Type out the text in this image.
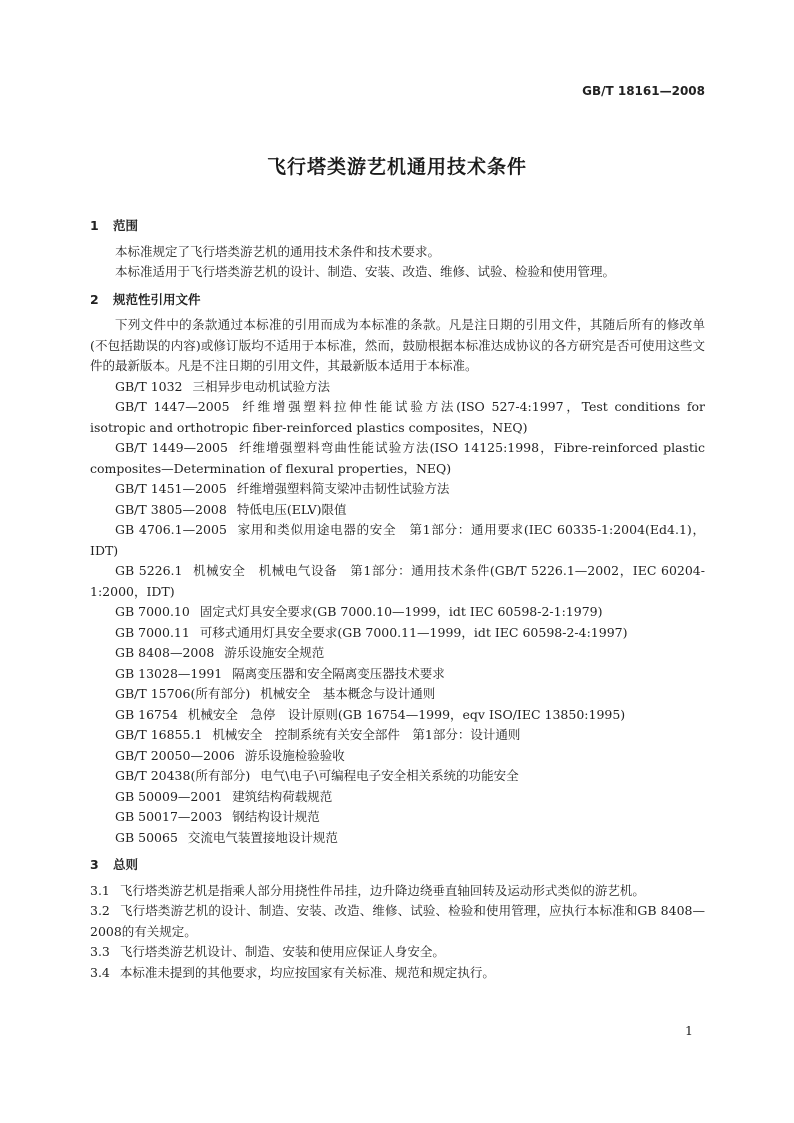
GB/T 18161—2008
飞行塔类游艺机通用技术条件
1 范围

本标准规定了飞行塔类游艺机的通用技术条件和技术要求。

本标准适用于飞行塔类游艺机的设计、制造、安装、改造、维修、试验、检验和使用管理。

2 规范性引用文件

下列文件中的条款通过本标准的引用而成为本标准的条款。凡是注日期的引用文件，其随后所有的修改单(不包括勘误的内容)或修订版均不适用于本标准，然而，鼓励根据本标准达成协议的各方研究是否可使用这些文件的最新版本。凡是不注日期的引用文件，其最新版本适用于本标准。

GB/T 1032 三相异步电动机试验方法

GB/T 1447—2005 纤维增强塑料拉伸性能试验方法(ISO 527-4:1997，Test conditions for isotropic and orthotropic fiber-reinforced plastics composites，NEQ)

GB/T 1449—2005 纤维增强塑料弯曲性能试验方法(ISO 14125:1998，Fibre-reinforced plastic composites—Determination of flexural properties，NEQ)

GB/T 1451—2005 纤维增强塑料简支梁冲击韧性试验方法

GB/T 3805—2008 特低电压(ELV)限值

GB 4706.1—2005 家用和类似用途电器的安全　第1部分：通用要求(IEC 60335-1:2004(Ed4.1)，IDT)

GB 5226.1 机械安全　机械电气设备　第1部分：通用技术条件(GB/T 5226.1—2002，IEC 60204-1:2000，IDT)

GB 7000.10 固定式灯具安全要求(GB 7000.10—1999，idt IEC 60598-2-1:1979)

GB 7000.11 可移式通用灯具安全要求(GB 7000.11—1999，idt IEC 60598-2-4:1997)

GB 8408—2008 游乐设施安全规范

GB 13028—1991 隔离变压器和安全隔离变压器技术要求

GB/T 15706(所有部分) 机械安全　基本概念与设计通则

GB 16754 机械安全　急停　设计原则(GB 16754—1999，eqv ISO/IEC 13850:1995)

GB/T 16855.1 机械安全　控制系统有关安全部件　第1部分：设计通则

GB/T 20050—2006 游乐设施检验验收

GB/T 20438(所有部分) 电气\电子\可编程电子安全相关系统的功能安全

GB 50009—2001 建筑结构荷载规范

GB 50017—2003 钢结构设计规范

GB 50065 交流电气装置接地设计规范

3 总则

3.1 飞行塔类游艺机是指乘人部分用挠性件吊挂，边升降边绕垂直轴回转及运动形式类似的游艺机。

3.2 飞行塔类游艺机的设计、制造、安装、改造、维修、试验、检验和使用管理，应执行本标准和GB 8408—2008的有关规定。

3.3 飞行塔类游艺机设计、制造、安装和使用应保证人身安全。

3.4 本标准未提到的其他要求，均应按国家有关标准、规范和规定执行。

1
